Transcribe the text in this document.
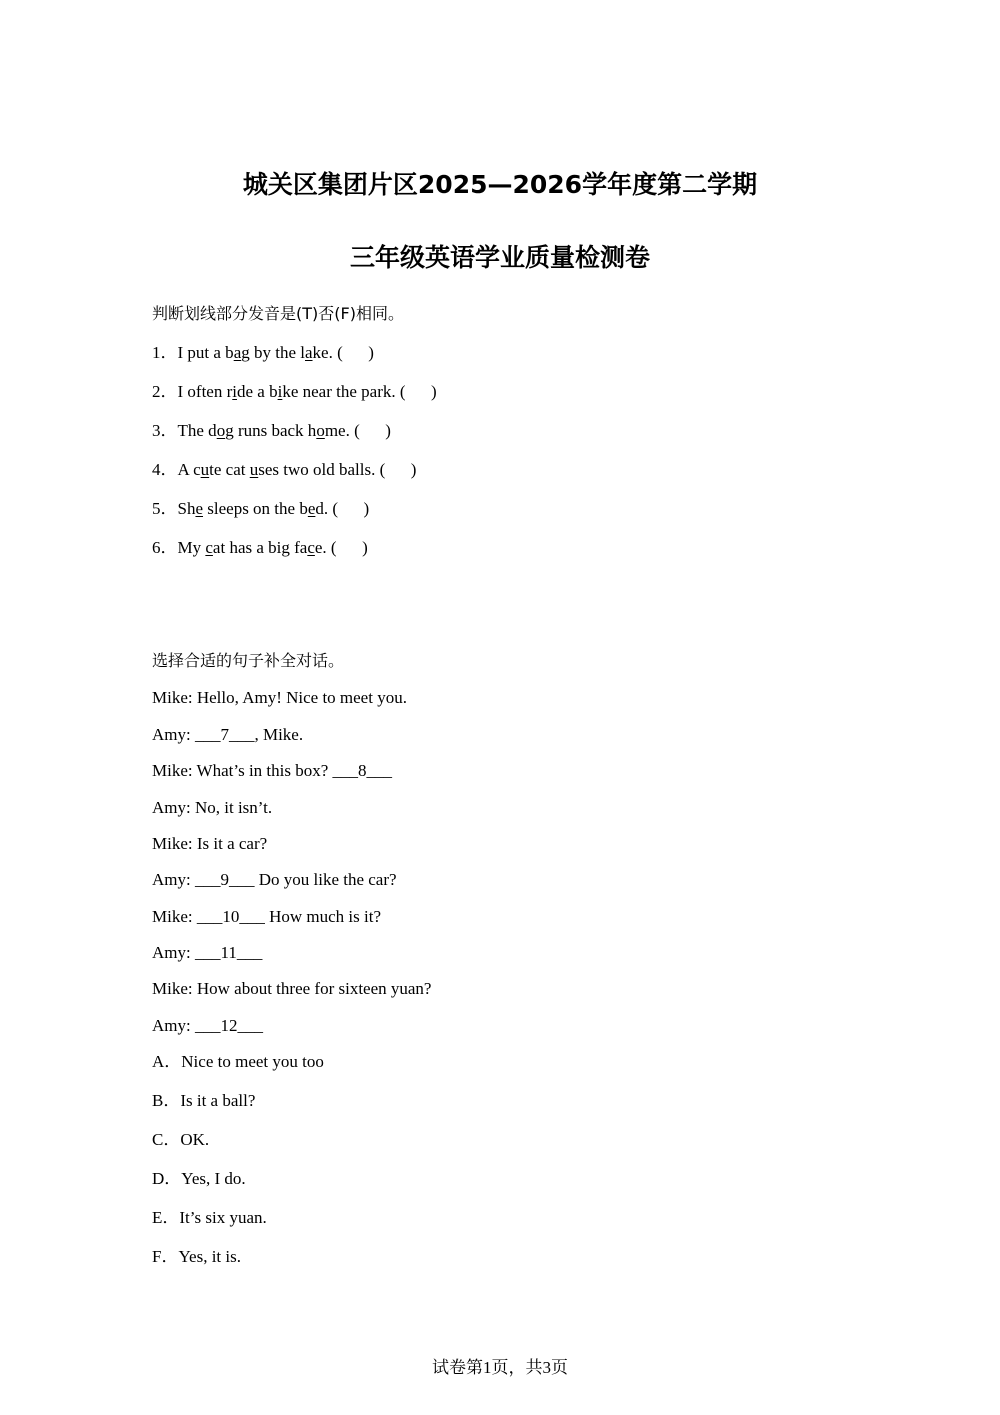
城关区集团片区2025—2026学年度第二学期
三年级英语学业质量检测卷
判断划线部分发音是(T)否(F)相同。
1．I put a bag by the lake. (      )
2．I often ride a bike near the park. (      )
3．The dog runs back home. (      )
4．A cute cat uses two old balls. (      )
5．She sleeps on the bed. (      )
6．My cat has a big face. (      )
选择合适的句子补全对话。
Mike: Hello, Amy! Nice to meet you.
Amy: ___7___, Mike.
Mike: What’s in this box? ___8___
Amy: No, it isn’t.
Mike: Is it a car?
Amy: ___9___ Do you like the car?
Mike: ___10___ How much is it?
Amy: ___11___
Mike: How about three for sixteen yuan?
Amy: ___12___
A．Nice to meet you too
B．Is it a ball?
C．OK.
D．Yes, I do.
E．It’s six yuan.
F．Yes, it is.
试卷第1页，共3页
